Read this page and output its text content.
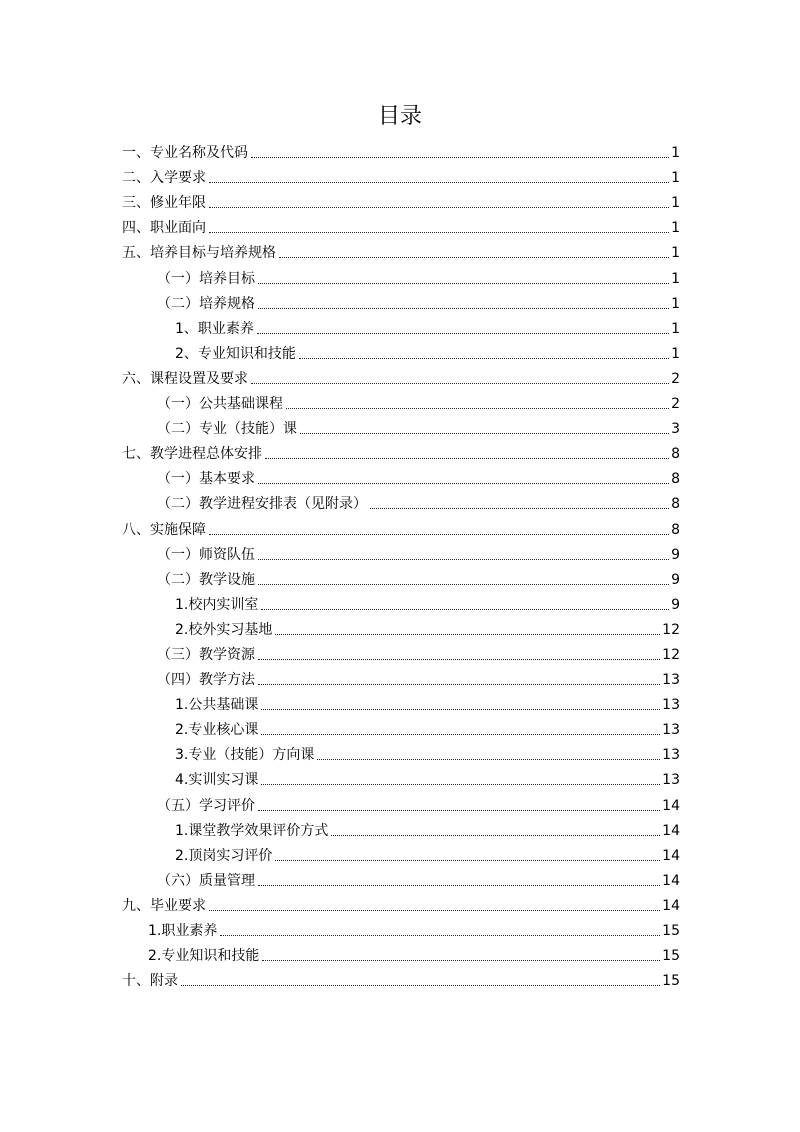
目录
一、专业名称及代码	1
二、入学要求	1
三、修业年限	1
四、职业面向	1
五、培养目标与培养规格	1
（一）培养目标	1
（二）培养规格	1
1、职业素养	1
2、专业知识和技能	1
六、课程设置及要求	2
（一）公共基础课程	2
（二）专业（技能）课	3
七、教学进程总体安排	8
（一）基本要求	8
（二）教学进程安排表（见附录）	8
八、实施保障	8
（一）师资队伍	9
（二）教学设施	9
1.校内实训室	9
2.校外实习基地	12
（三）教学资源	12
（四）教学方法	13
1.公共基础课	13
2.专业核心课	13
3.专业（技能）方向课	13
4.实训实习课	13
（五）学习评价	14
1.课堂教学效果评价方式	14
2.顶岗实习评价	14
（六）质量管理	14
九、毕业要求	14
1.职业素养	15
2.专业知识和技能	15
十、附录	15
